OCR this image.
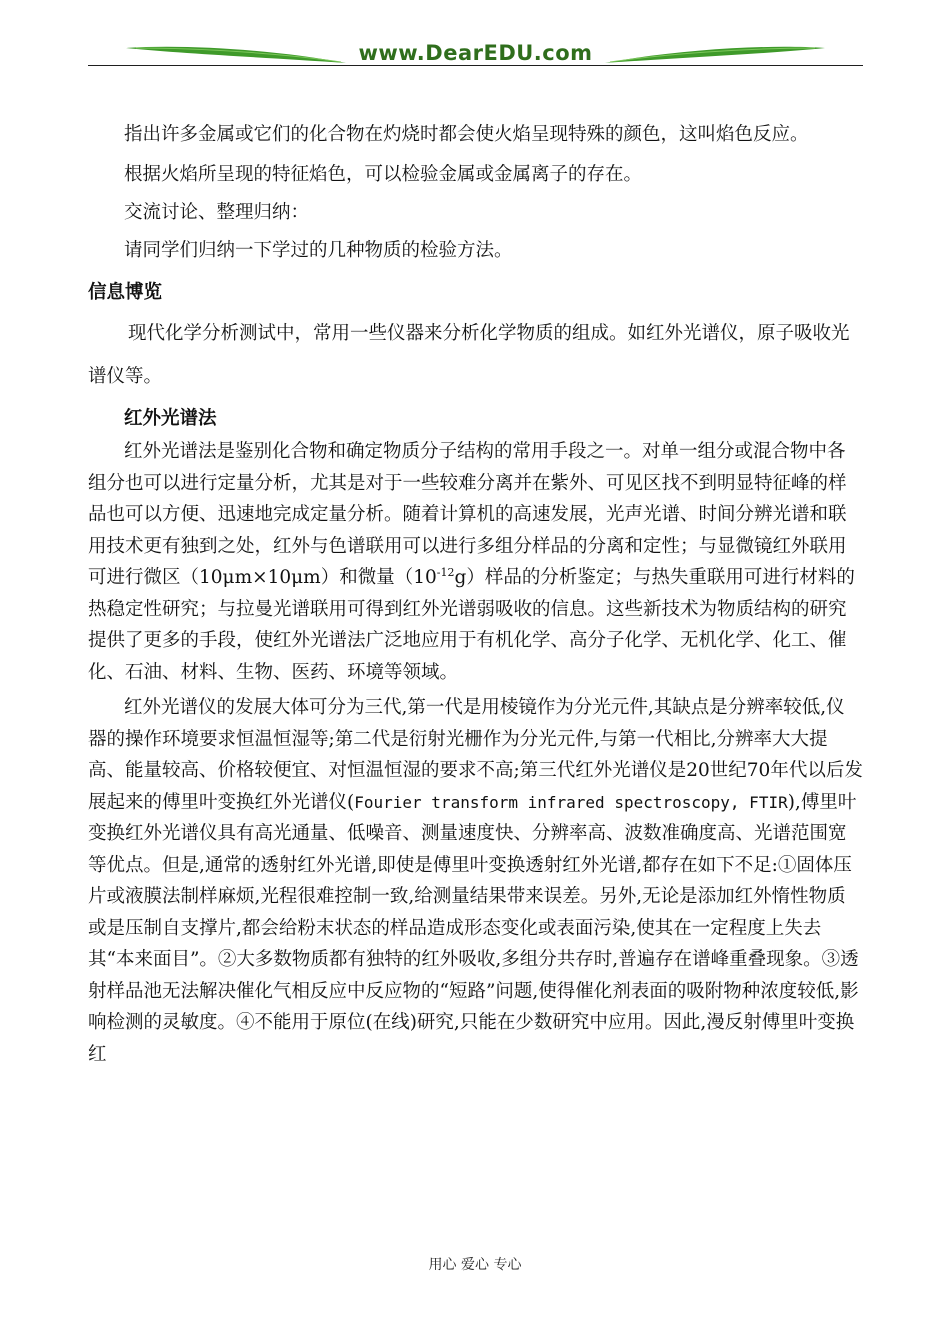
www.DearEDU.com

指出许多金属或它们的化合物在灼烧时都会使火焰呈现特殊的颜色，这叫焰色反应。

根据火焰所呈现的特征焰色，可以检验金属或金属离子的存在。

交流讨论、整理归纳：

请同学们归纳一下学过的几种物质的检验方法。

信息博览

现代化学分析测试中，常用一些仪器来分析化学物质的组成。如红外光谱仪，原子吸收光谱仪等。

红外光谱法

红外光谱法是鉴别化合物和确定物质分子结构的常用手段之一。对单一组分或混合物中各组分也可以进行定量分析，尤其是对于一些较难分离并在紫外、可见区找不到明显特征峰的样品也可以方便、迅速地完成定量分析。随着计算机的高速发展，光声光谱、时间分辨光谱和联用技术更有独到之处，红外与色谱联用可以进行多组分样品的分离和定性；与显微镜红外联用可进行微区（10μm×10μm）和微量$(10^{-12}g)$样品的分析鉴定；与热失重联用可进行材料的热稳定性研究；与拉曼光谱联用可得到红外光谱弱吸收的信息。这些新技术为物质结构的研究提供了更多的手段，使红外光谱法广泛地应用于有机化学、高分子化学、无机化学、化工、催化、石油、材料、生物、医药、环境等领域。

红外光谱仪的发展大体可分为三代,第一代是用棱镜作为分光元件,其缺点是分辨率较低,仪器的操作环境要求恒温恒湿等;第二代是衍射光栅作为分光元件,与第一代相比,分辨率大大提高、能量较高、价格较便宜、对恒温恒湿的要求不高;第三代红外光谱仪是20世纪70年代以后发展起来的傅里叶变换红外光谱仪(Fourier transform infrared spectroscopy, FTIR),傅里叶变换红外光谱仪具有高光通量、低噪音、测量速度快、分辨率高、波数准确度高、光谱范围宽等优点。但是,通常的透射红外光谱,即使是傅里叶变换透射红外光谱,都存在如下不足:①固体压片或液膜法制样麻烦,光程很难控制一致,给测量结果带来误差。另外,无论是添加红外惰性物质或是压制自支撑片,都会给粉末状态的样品造成形态变化或表面污染,使其在一定程度上失去其“本来面目”。②大多数物质都有独特的红外吸收,多组分共存时,普遍存在谱峰重叠现象。③透射样品池无法解决催化气相反应中反应物的“短路”问题,使得催化剂表面的吸附物种浓度较低,影响检测的灵敏度。④不能用于原位(在线)研究,只能在少数研究中应用。因此,漫反射傅里叶变换红

用心 爱心 专心
